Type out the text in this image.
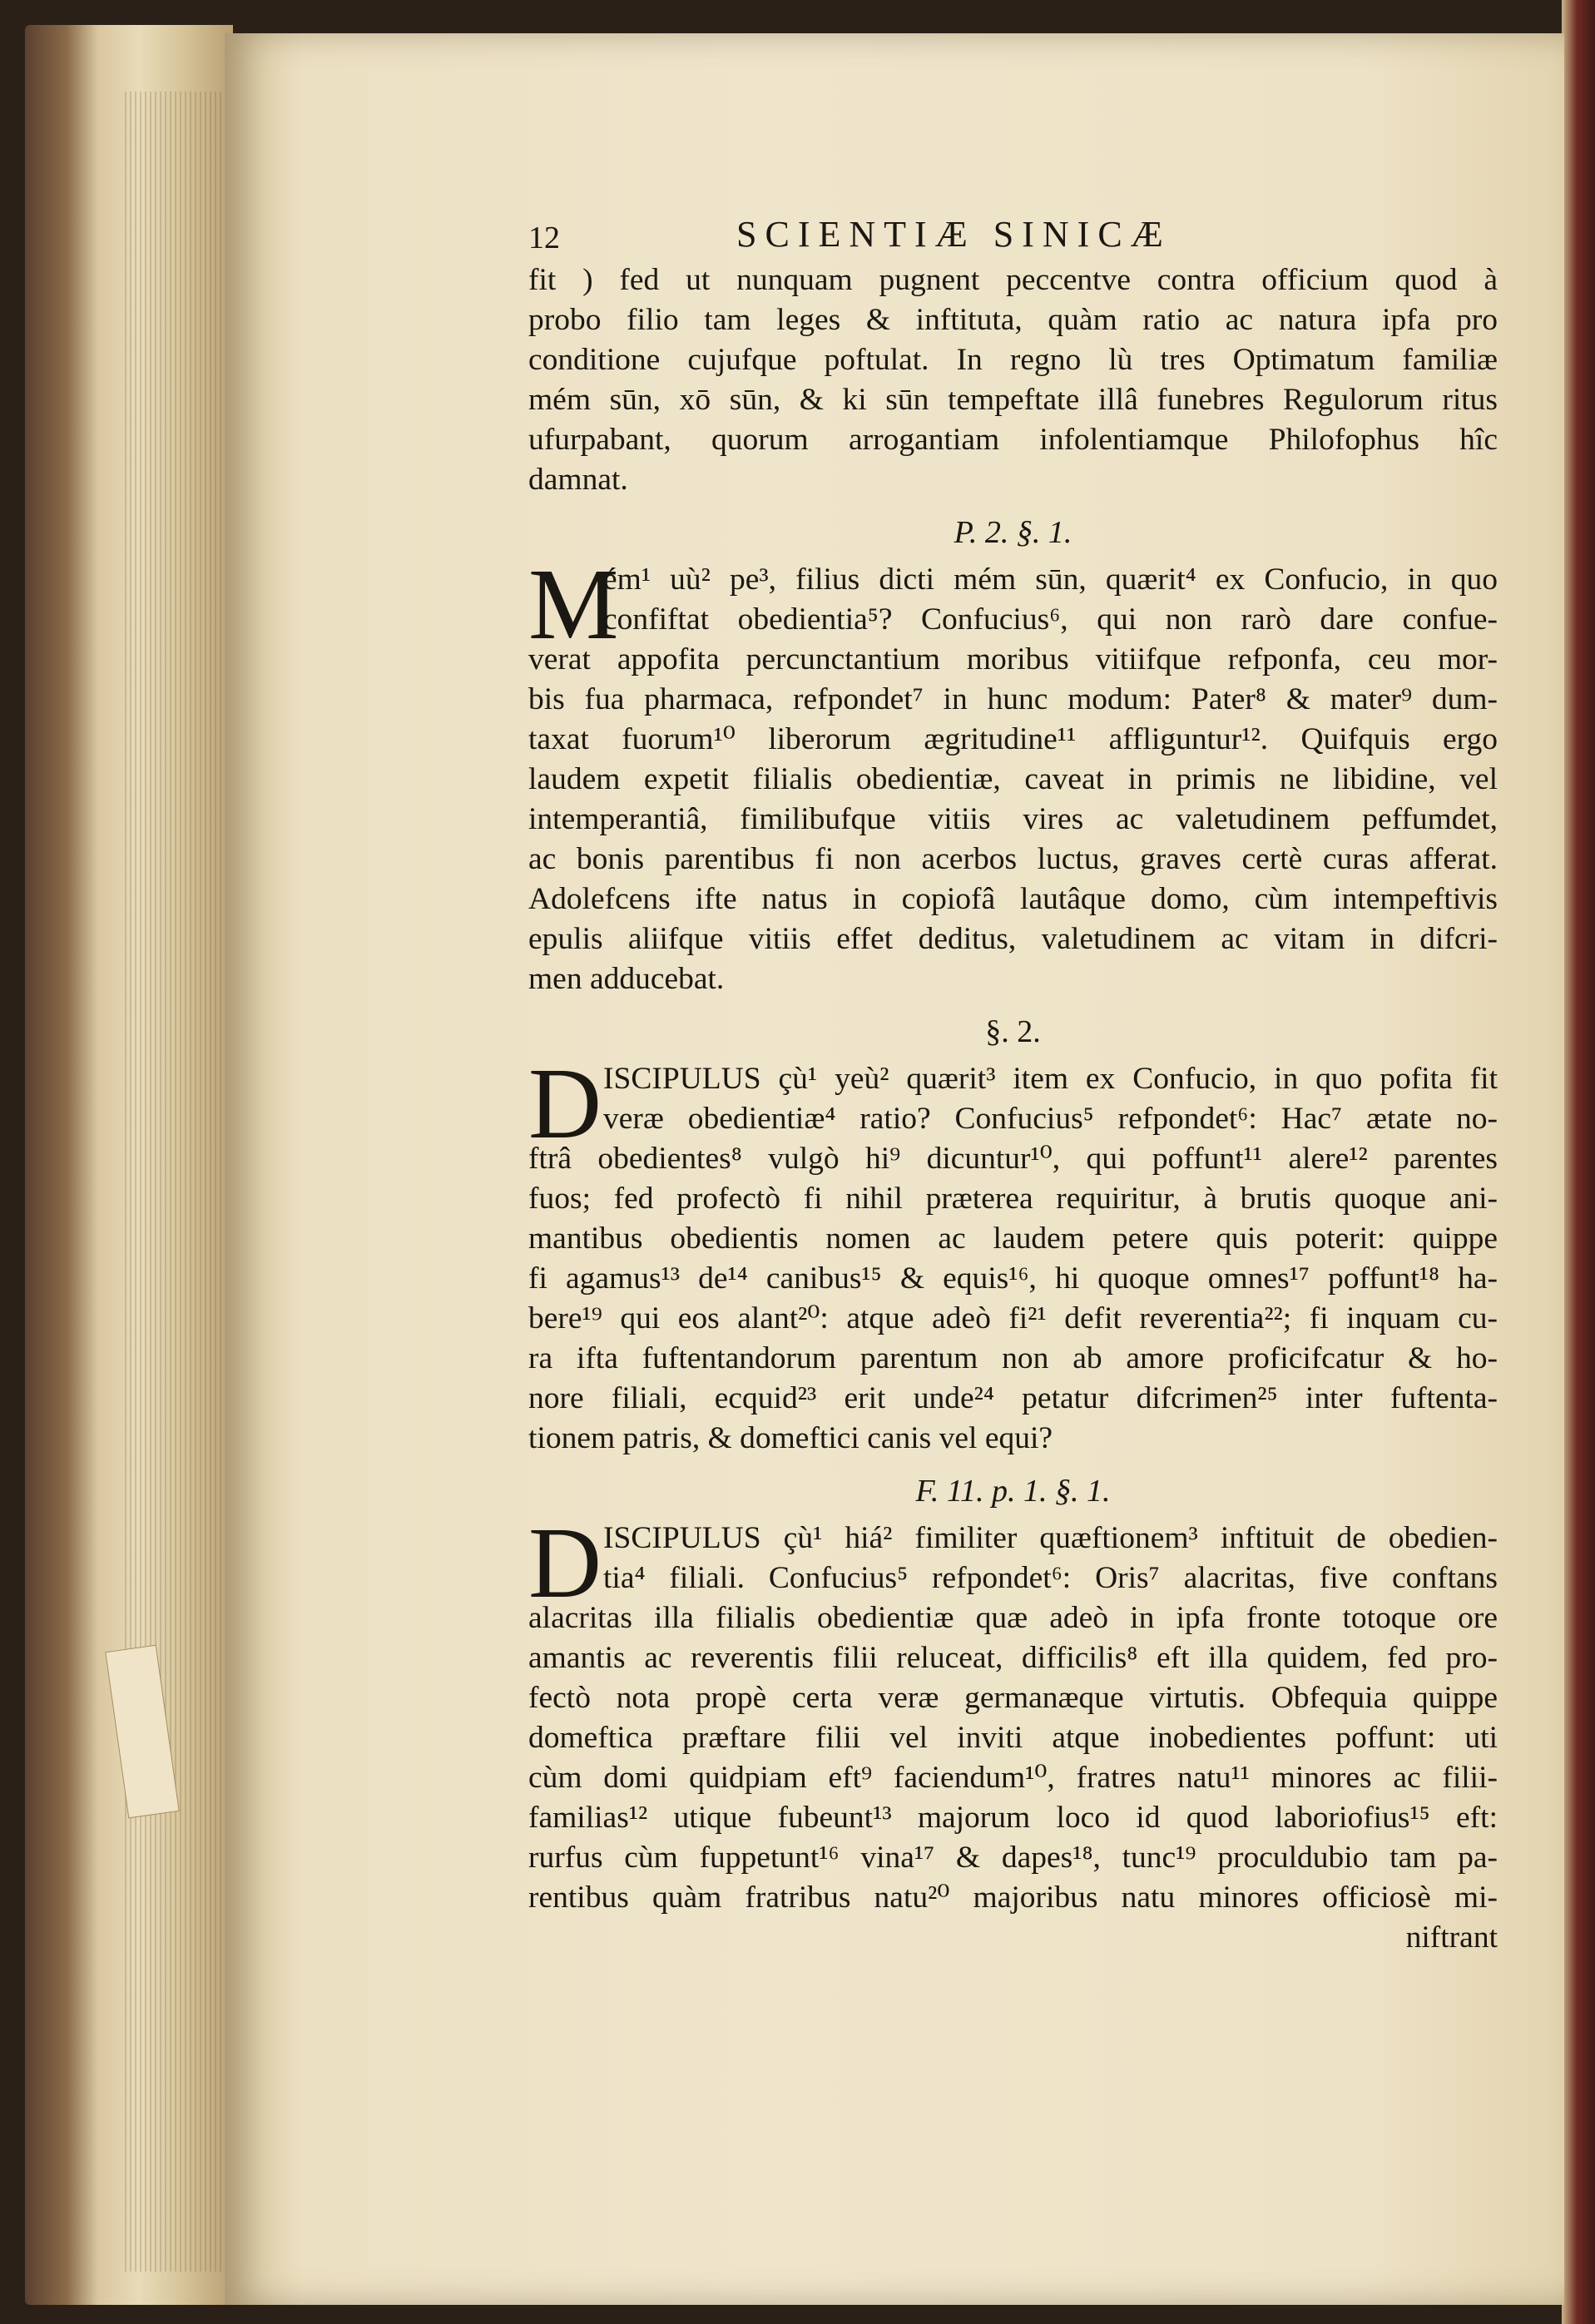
12	SCIENTIÆ SINICÆ
fit ) fed ut nunquam pugnent peccentve contra officium quod à
probo filio tam leges & inftituta, quàm ratio ac natura ipfa pro
conditione cujufque poftulat. In regno lù tres Optimatum familiæ
mém sūn, xō sūn, & ki sūn tempeftate illâ funebres Regulorum ritus
ufurpabant, quorum arrogantiam infolentiamque Philofophus hîc
damnat.
P. 2. §. 1.
M
ém¹ uù² pe³, filius dicti mém sūn, quærit⁴ ex Confucio, in quo
confiftat obedientia⁵? Confucius⁶, qui non rarò dare confue-
verat appofita percunctantium moribus vitiifque refponfa, ceu mor-
bis fua pharmaca, refpondet⁷ in hunc modum: Pater⁸ & mater⁹ dum-
taxat fuorum¹⁰ liberorum ægritudine¹¹ affliguntur¹². Quifquis ergo
laudem expetit filialis obedientiæ, caveat in primis ne libidine, vel
intemperantiâ, fimilibufque vitiis vires ac valetudinem peffumdet,
ac bonis parentibus fi non acerbos luctus, graves certè curas afferat.
Adolefcens ifte natus in copiofâ lautâque domo, cùm intempeftivis
epulis aliifque vitiis effet deditus, valetudinem ac vitam in difcri-
men adducebat.
§. 2.
D ISCIPULUS çù¹ yeù² quærit³ item ex Confucio, in quo pofita fit
veræ obedientiæ⁴ ratio? Confucius⁵ refpondet⁶: Hac⁷ ætate no-
ftrâ obedientes⁸ vulgò hi⁹ dicuntur¹⁰, qui poffunt¹¹ alere¹² parentes
fuos; fed profectò fi nihil præterea requiritur, à brutis quoque ani-
mantibus obedientis nomen ac laudem petere quis poterit: quippe
fi agamus¹³ de¹⁴ canibus¹⁵ & equis¹⁶, hi quoque omnes¹⁷ poffunt¹⁸ ha-
bere¹⁹ qui eos alant²⁰: atque adeò fi²¹ defit reverentia²²; fi inquam cu-
ra ifta fuftentandorum parentum non ab amore proficifcatur & ho-
nore filiali, ecquid²³ erit unde²⁴ petatur difcrimen²⁵ inter fuftenta-
tionem patris, & domeftici canis vel equi?
F. 11. p. 1. §. 1.
D ISCIPULUS çù¹ hiá² fimiliter quæftionem³ inftituit de obedien-
tia⁴ filiali. Confucius⁵ refpondet⁶: Oris⁷ alacritas, five conftans
alacritas illa filialis obedientiæ quæ adeò in ipfa fronte totoque ore
amantis ac reverentis filii reluceat, difficilis⁸ eft illa quidem, fed pro-
fectò nota propè certa veræ germanæque virtutis. Obfequia quippe
domeftica præftare filii vel inviti atque inobedientes poffunt: uti
cùm domi quidpiam eft⁹ faciendum¹⁰, fratres natu¹¹ minores ac filii-
familias¹² utique fubeunt¹³ majorum loco id quod laboriofius¹⁵ eft:
rurfus cùm fuppetunt¹⁶ vina¹⁷ & dapes¹⁸, tunc¹⁹ proculdubio tam pa-
rentibus quàm fratribus natu²⁰ majoribus natu minores officiosè mi-
niftrant
